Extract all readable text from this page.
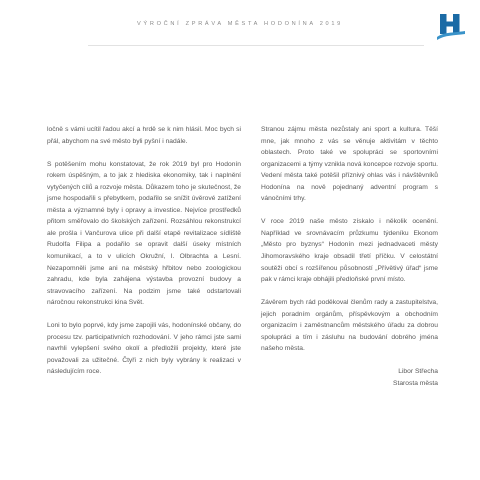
VÝROČNÍ ZPRÁVA MĚSTA HODONÍNA 2019

ločně s vámi ucítil řadou akcí a hrdě se k nim hlásil. Moc bych si přál, abychom na své město byli pyšní i nadále.

S potěšením mohu konstatovat, že rok 2019 byl pro Hodonín rokem úspěšným, a to jak z hlediska ekonomiky, tak i naplnění vytyčených cílů a rozvoje města. Důkazem toho je skutečnost, že jsme hospodařili s přebytkem, podařilo se snížit úvěrové zatížení města a významné byly i opravy a investice. Nejvíce prostředků přitom směřovalo do školských zařízení. Rozsáhlou rekonstrukcí ale prošla i Vančurova ulice při další etapě revitalizace sídliště Rudolfa Filipa a podařilo se opravit další úseky místních komunikací, a to v ulicích Okružní, I. Olbrachta a Lesní. Nezapomněli jsme ani na městský hřbitov nebo zoologickou zahradu, kde byla zahájena výstavba provozní budovy a stravovacího zařízení. Na podzim jsme také odstartovali náročnou rekonstrukci kina Svět.

Loni to bylo poprvé, kdy jsme zapojili vás, hodonínské občany, do procesu tzv. participativních rozhodování. V jeho rámci jste sami navrhli vylepšení svého okolí a předložili projekty, které jste považovali za užitečné. Čtyři z nich byly vybrány k realizaci v následujícím roce.

Stranou zájmu města nezůstaly ani sport a kultura. Těší mne, jak mnoho z vás se věnuje aktivitám v těchto oblastech. Proto také ve spolupráci se sportovními organizacemi a týmy vznikla nová koncepce rozvoje sportu. Vedení města také potěšil příznivý ohlas vás i návštěvníků Hodonína na nově pojednaný adventní program s vánočními trhy.

V roce 2019 naše město získalo i několik ocenění. Například ve srovnávacím průzkumu týdeníku Ekonom „Město pro byznys“ Hodonín mezi jednadvaceti městy Jihomoravského kraje obsadil třetí příčku. V celostátní soutěži obcí s rozšířenou působností „Přívětivý úřad“ jsme pak v rámci kraje obhájili předloňské první místo.

Závěrem bych rád poděkoval členům rady a zastupitelstva, jejich poradním orgánům, příspěvkovým a obchodním organizacím i zaměstnancům městského úřadu za dobrou spolupráci a tím i zásluhu na budování dobrého jména našeho města.

Libor Střecha
Starosta města
